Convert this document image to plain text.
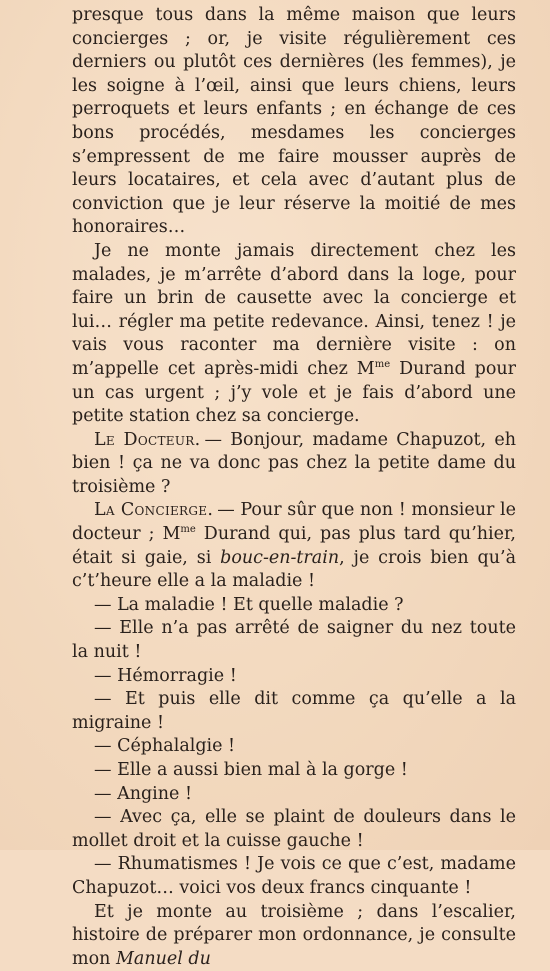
presque tous dans la même maison que leurs concierges ; or, je visite régulièrement ces derniers ou plutôt ces dernières (les femmes), je les soigne à l’œil, ainsi que leurs chiens, leurs perroquets et leurs enfants ; en échange de ces bons procédés, mesdames les concierges s’empressent de me faire mousser auprès de leurs locataires, et cela avec d’autant plus de conviction que je leur réserve la moitié de mes honoraires…

Je ne monte jamais directement chez les malades, je m’arrête d’abord dans la loge, pour faire un brin de causette avec la concierge et lui… régler ma petite redevance. Ainsi, tenez ! je vais vous raconter ma dernière visite : on m’appelle cet après-midi chez $M^{me}$ Durand pour un cas urgent ; j’y vole et je fais d’abord une petite station chez sa concierge.

Le Docteur. — Bonjour, madame Chapuzot, eh bien ! ça ne va donc pas chez la petite dame du troisième ?

La Concierge. — Pour sûr que non ! monsieur le docteur ; $M^{me}$ Durand qui, pas plus tard qu’hier, était si gaie, si bouc-en-train, je crois bien qu’à c’t’heure elle a la maladie !

— La maladie ! Et quelle maladie ?

— Elle n’a pas arrêté de saigner du nez toute la nuit !

— Hémorragie !

— Et puis elle dit comme ça qu’elle a la migraine !

— Céphalalgie !

— Elle a aussi bien mal à la gorge !

— Angine !

— Avec ça, elle se plaint de douleurs dans le mollet droit et la cuisse gauche !

— Rhumatismes ! Je vois ce que c’est, madame Chapuzot… voici vos deux francs cinquante !

Et je monte au troisième ; dans l’escalier, histoire de préparer mon ordonnance, je consulte mon Manuel du
